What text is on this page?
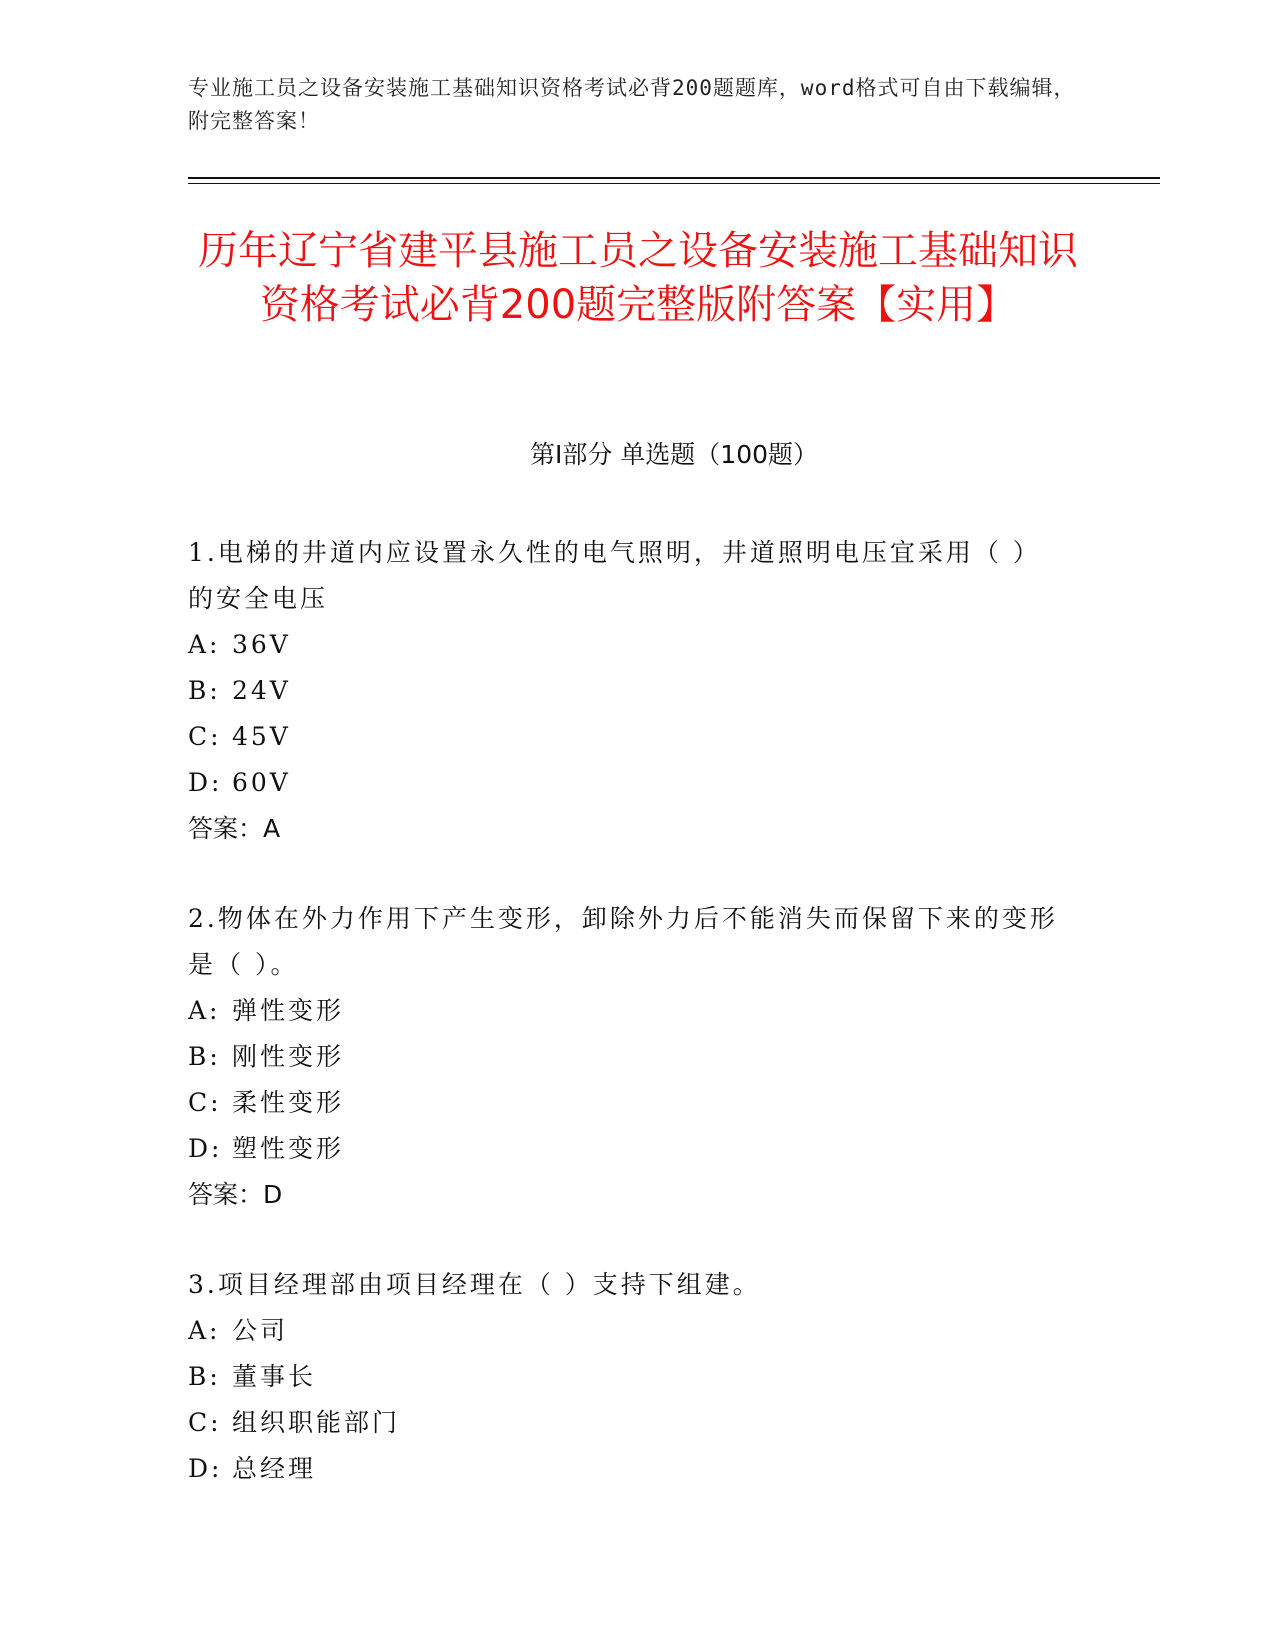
专业施工员之设备安装施工基础知识资格考试必背200题题库，word格式可自由下载编辑，附完整答案！
历年辽宁省建平县施工员之设备安装施工基础知识资格考试必背200题完整版附答案【实用】
第I部分 单选题（100题）
1.电梯的井道内应设置永久性的电气照明，井道照明电压宜采用（ ）的安全电压
A: 36V
B: 24V
C: 45V
D: 60V
答案：A
2.物体在外力作用下产生变形，卸除外力后不能消失而保留下来的变形是（ ）。
A: 弹性变形
B: 刚性变形
C: 柔性变形
D: 塑性变形
答案：D
3.项目经理部由项目经理在（ ）支持下组建。
A: 公司
B: 董事长
C: 组织职能部门
D: 总经理
